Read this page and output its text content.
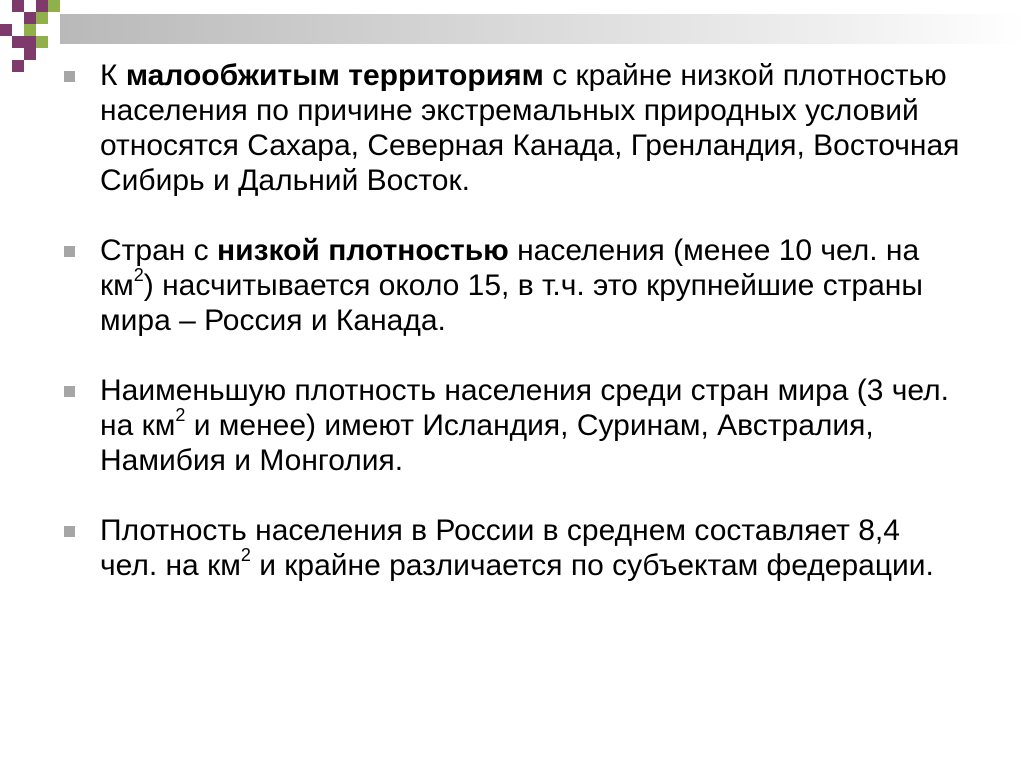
К малообжитым территориям с крайне низкой плотностью населения по причине экстремальных природных условий относятся Сахара, Северная Канада, Гренландия, Восточная Сибирь и Дальний Восток.
Стран с низкой плотностью населения (менее 10 чел. на $км^2$) насчитывается около 15, в т.ч. это крупнейшие страны мира – Россия и Канада.
Наименьшую плотность населения среди стран мира (3 чел. на $км^2$ и менее) имеют Исландия, Суринам, Австралия, Намибия и Монголия.
Плотность населения в России в среднем составляет 8,4 чел. на $км^2$ и крайне различается по субъектам федерации.
